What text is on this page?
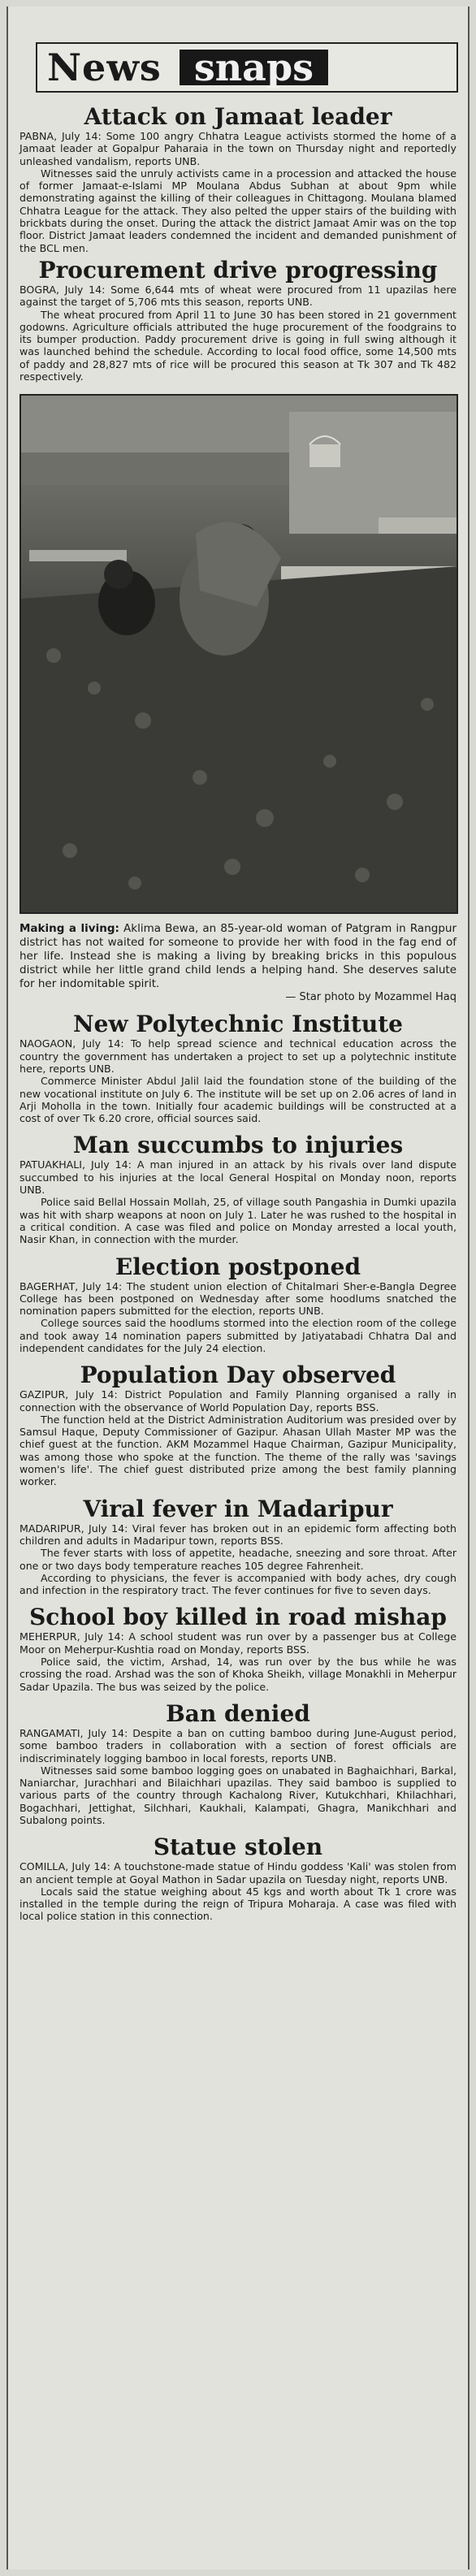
News snaps
Attack on Jamaat leader

PABNA, July 14: Some 100 angry Chhatra League activists stormed the home of a Jamaat leader at Gopalpur Paharaia in the town on Thursday night and reportedly unleashed vandalism, reports UNB.

Witnesses said the unruly activists came in a procession and attacked the house of former Jamaat-e-Islami MP Moulana Abdus Subhan at about 9pm while demonstrating against the killing of their colleagues in Chittagong. Moulana blamed Chhatra League for the attack. They also pelted the upper stairs of the building with brickbats during the onset. During the attack the district Jamaat Amir was on the top floor. District Jamaat leaders condemned the incident and demanded punishment of the BCL men.

Procurement drive progressing

BOGRA, July 14: Some 6,644 mts of wheat were procured from 11 upazilas here against the target of 5,706 mts this season, reports UNB.

The wheat procured from April 11 to June 30 has been stored in 21 government godowns. Agriculture officials attributed the huge procurement of the foodgrains to its bumper production. Paddy procurement drive is going in full swing although it was launched behind the schedule. According to local food office, some 14,500 mts of paddy and 28,827 mts of rice will be procured this season at Tk 307 and Tk 482 respectively.

Making a living: Aklima Bewa, an 85-year-old woman of Patgram in Rangpur district has not waited for someone to provide her with food in the fag end of her life. Instead she is making a living by breaking bricks in this populous district while her little grand child lends a helping hand. She deserves salute for her indomitable spirit.
— Star photo by Mozammel Haq
New Polytechnic Institute

NAOGAON, July 14: To help spread science and technical education across the country the government has undertaken a project to set up a polytechnic institute here, reports UNB.

Commerce Minister Abdul Jalil laid the foundation stone of the building of the new vocational institute on July 6. The institute will be set up on 2.06 acres of land in Arji Moholla in the town. Initially four academic buildings will be constructed at a cost of over Tk 6.20 crore, official sources said.

Man succumbs to injuries

PATUAKHALI, July 14: A man injured in an attack by his rivals over land dispute succumbed to his injuries at the local General Hospital on Monday noon, reports UNB.

Police said Bellal Hossain Mollah, 25, of village south Pangashia in Dumki upazila was hit with sharp weapons at noon on July 1. Later he was rushed to the hospital in a critical condition. A case was filed and police on Monday arrested a local youth, Nasir Khan, in connection with the murder.

Election postponed

BAGERHAT, July 14: The student union election of Chitalmari Sher-e-Bangla Degree College has been postponed on Wednesday after some hoodlums snatched the nomination papers submitted for the election, reports UNB.

College sources said the hoodlums stormed into the election room of the college and took away 14 nomination papers submitted by Jatiyatabadi Chhatra Dal and independent candidates for the July 24 election.

Population Day observed

GAZIPUR, July 14: District Population and Family Planning organised a rally in connection with the observance of World Population Day, reports BSS.

The function held at the District Administration Auditorium was presided over by Samsul Haque, Deputy Commissioner of Gazipur. Ahasan Ullah Master MP was the chief guest at the function. AKM Mozammel Haque Chairman, Gazipur Municipality, was among those who spoke at the function. The theme of the rally was 'savings women's life'. The chief guest distributed prize among the best family planning worker.

Viral fever in Madaripur

MADARIPUR, July 14: Viral fever has broken out in an epidemic form affecting both children and adults in Madaripur town, reports BSS.

The fever starts with loss of appetite, headache, sneezing and sore throat. After one or two days body temperature reaches 105 degree Fahrenheit.

According to physicians, the fever is accompanied with body aches, dry cough and infection in the respiratory tract. The fever continues for five to seven days.

School boy killed in road mishap

MEHERPUR, July 14: A school student was run over by a passenger bus at College Moor on Meherpur-Kushtia road on Monday, reports BSS.

Police said, the victim, Arshad, 14, was run over by the bus while he was crossing the road. Arshad was the son of Khoka Sheikh, village Monakhli in Meherpur Sadar Upazila. The bus was seized by the police.

Ban denied

RANGAMATI, July 14: Despite a ban on cutting bamboo during June-August period, some bamboo traders in collaboration with a section of forest officials are indiscriminately logging bamboo in local forests, reports UNB.

Witnesses said some bamboo logging goes on unabated in Baghaichhari, Barkal, Naniarchar, Jurachhari and Bilaichhari upazilas. They said bamboo is supplied to various parts of the country through Kachalong River, Kutukchhari, Khilachhari, Bogachhari, Jettighat, Silchhari, Kaukhali, Kalampati, Ghagra, Manikchhari and Subalong points.

Statue stolen

COMILLA, July 14: A touchstone-made statue of Hindu goddess 'Kali' was stolen from an ancient temple at Goyal Mathon in Sadar upazila on Tuesday night, reports UNB.

Locals said the statue weighing about 45 kgs and worth about Tk 1 crore was installed in the temple during the reign of Tripura Moharaja. A case was filed with local police station in this connection.
